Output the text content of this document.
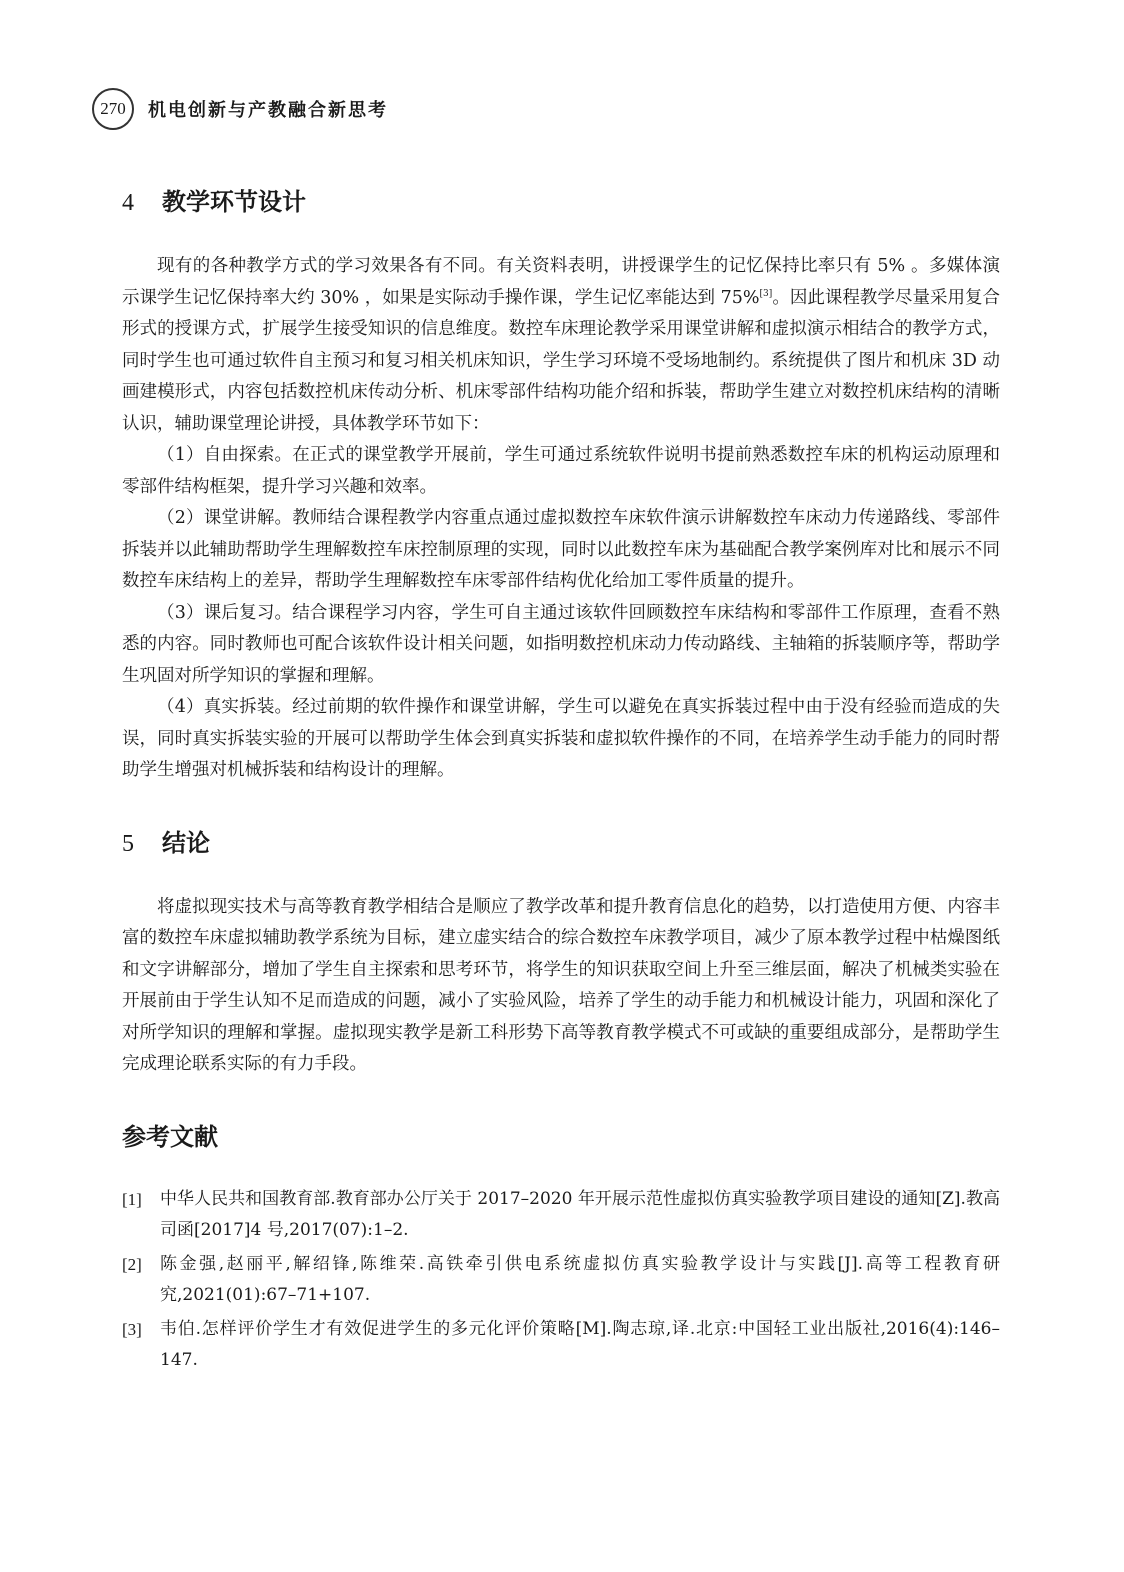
270	机电创新与产教融合新思考
4	教学环节设计

现有的各种教学方式的学习效果各有不同。有关资料表明，讲授课学生的记忆保持比率只有 5% 。多媒体演示课学生记忆保持率大约 30% ，如果是实际动手操作课，学生记忆率能达到 75%[3]。因此课程教学尽量采用复合形式的授课方式，扩展学生接受知识的信息维度。数控车床理论教学采用课堂讲解和虚拟演示相结合的教学方式，同时学生也可通过软件自主预习和复习相关机床知识，学生学习环境不受场地制约。系统提供了图片和机床 3D 动画建模形式，内容包括数控机床传动分析、机床零部件结构功能介绍和拆装，帮助学生建立对数控机床结构的清晰认识，辅助课堂理论讲授，具体教学环节如下：

（1）自由探索。在正式的课堂教学开展前，学生可通过系统软件说明书提前熟悉数控车床的机构运动原理和零部件结构框架，提升学习兴趣和效率。

（2）课堂讲解。教师结合课程教学内容重点通过虚拟数控车床软件演示讲解数控车床动力传递路线、零部件拆装并以此辅助帮助学生理解数控车床控制原理的实现，同时以此数控车床为基础配合教学案例库对比和展示不同数控车床结构上的差异，帮助学生理解数控车床零部件结构优化给加工零件质量的提升。

（3）课后复习。结合课程学习内容，学生可自主通过该软件回顾数控车床结构和零部件工作原理，查看不熟悉的内容。同时教师也可配合该软件设计相关问题，如指明数控机床动力传动路线、主轴箱的拆装顺序等，帮助学生巩固对所学知识的掌握和理解。

（4）真实拆装。经过前期的软件操作和课堂讲解，学生可以避免在真实拆装过程中由于没有经验而造成的失误，同时真实拆装实验的开展可以帮助学生体会到真实拆装和虚拟软件操作的不同，在培养学生动手能力的同时帮助学生增强对机械拆装和结构设计的理解。

5	结论

将虚拟现实技术与高等教育教学相结合是顺应了教学改革和提升教育信息化的趋势，以打造使用方便、内容丰富的数控车床虚拟辅助教学系统为目标，建立虚实结合的综合数控车床教学项目，减少了原本教学过程中枯燥图纸和文字讲解部分，增加了学生自主探索和思考环节，将学生的知识获取空间上升至三维层面，解决了机械类实验在开展前由于学生认知不足而造成的问题，减小了实验风险，培养了学生的动手能力和机械设计能力，巩固和深化了对所学知识的理解和掌握。虚拟现实教学是新工科形势下高等教育教学模式不可或缺的重要组成部分，是帮助学生完成理论联系实际的有力手段。

参考文献
[1]	中华人民共和国教育部.教育部办公厅关于 2017–2020 年开展示范性虚拟仿真实验教学项目建设的通知[Z].教高司函[2017]4 号,2017(07):1–2.
[2]	陈金强,赵丽平,解绍锋,陈维荣.高铁牵引供电系统虚拟仿真实验教学设计与实践[J].高等工程教育研究,2021(01):67–71+107.
[3]	韦伯.怎样评价学生才有效促进学生的多元化评价策略[M].陶志琼,译.北京:中国轻工业出版社,2016(4):146–147.
